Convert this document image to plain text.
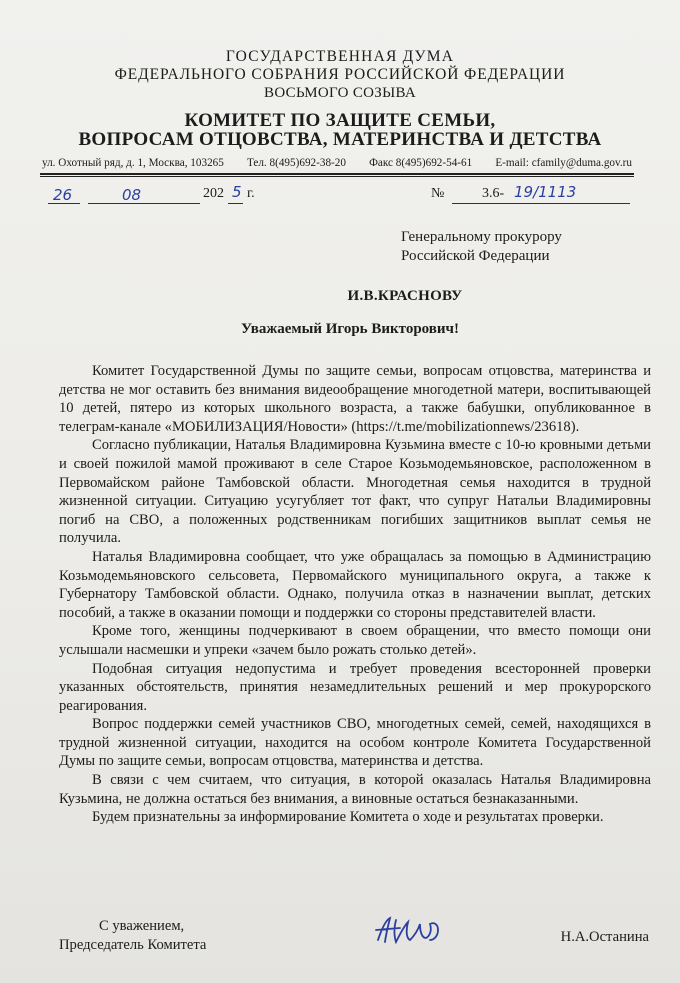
ГОСУДАРСТВЕННАЯ ДУМА
ФЕДЕРАЛЬНОГО СОБРАНИЯ РОССИЙСКОЙ ФЕДЕРАЦИИ
ВОСЬМОГО СОЗЫВА
КОМИТЕТ ПО ЗАЩИТЕ СЕМЬИ,
ВОПРОСАМ ОТЦОВСТВА, МАТЕРИНСТВА И ДЕТСТВА
ул. Охотный ряд, д. 1, Москва, 103265 Тел. 8(495)692-38-20 Факс 8(495)692-54-61 E-mail: cfamily@duma.gov.ru
26	08	202 5 г.	№	3.6- 19/1113
Генеральному прокурору
Российской Федерации
И.В.КРАСНОВУ
Уважаемый Игорь Викторович!

Комитет Государственной Думы по защите семьи, вопросам отцовства, материнства и детства не мог оставить без внимания видеообращение многодетной матери, воспитывающей 10 детей, пятеро из которых школьного возраста, а также бабушки, опубликованное в телеграм-канале «МОБИЛИЗАЦИЯ/Новости» (https://t.me/mobilizationnews/23618).

Согласно публикации, Наталья Владимировна Кузьмина вместе с 10-ю кровными детьми и своей пожилой мамой проживают в селе Старое Козьмодемьяновское, расположенном в Первомайском районе Тамбовской области. Многодетная семья находится в трудной жизненной ситуации. Ситуацию усугубляет тот факт, что супруг Натальи Владимировны погиб на СВО, а положенных родственникам погибших защитников выплат семья не получила.

Наталья Владимировна сообщает, что уже обращалась за помощью в Администрацию Козьмодемьяновского сельсовета, Первомайского муниципального округа, а также к Губернатору Тамбовской области. Однако, получила отказ в назначении выплат, детских пособий, а также в оказании помощи и поддержки со стороны представителей власти.

Кроме того, женщины подчеркивают в своем обращении, что вместо помощи они услышали насмешки и упреки «зачем было рожать столько детей».

Подобная ситуация недопустима и требует проведения всесторонней проверки указанных обстоятельств, принятия незамедлительных решений и мер прокурорского реагирования.

Вопрос поддержки семей участников СВО, многодетных семей, семей, находящихся в трудной жизненной ситуации, находится на особом контроле Комитета Государственной Думы по защите семьи, вопросам отцовства, материнства и детства.

В связи с чем считаем, что ситуация, в которой оказалась Наталья Владимировна Кузьмина, не должна остаться без внимания, а виновные остаться безнаказанными.

Будем признательны за информирование Комитета о ходе и результатах проверки.

С уважением,
Председатель Комитета	Н.А.Останина
